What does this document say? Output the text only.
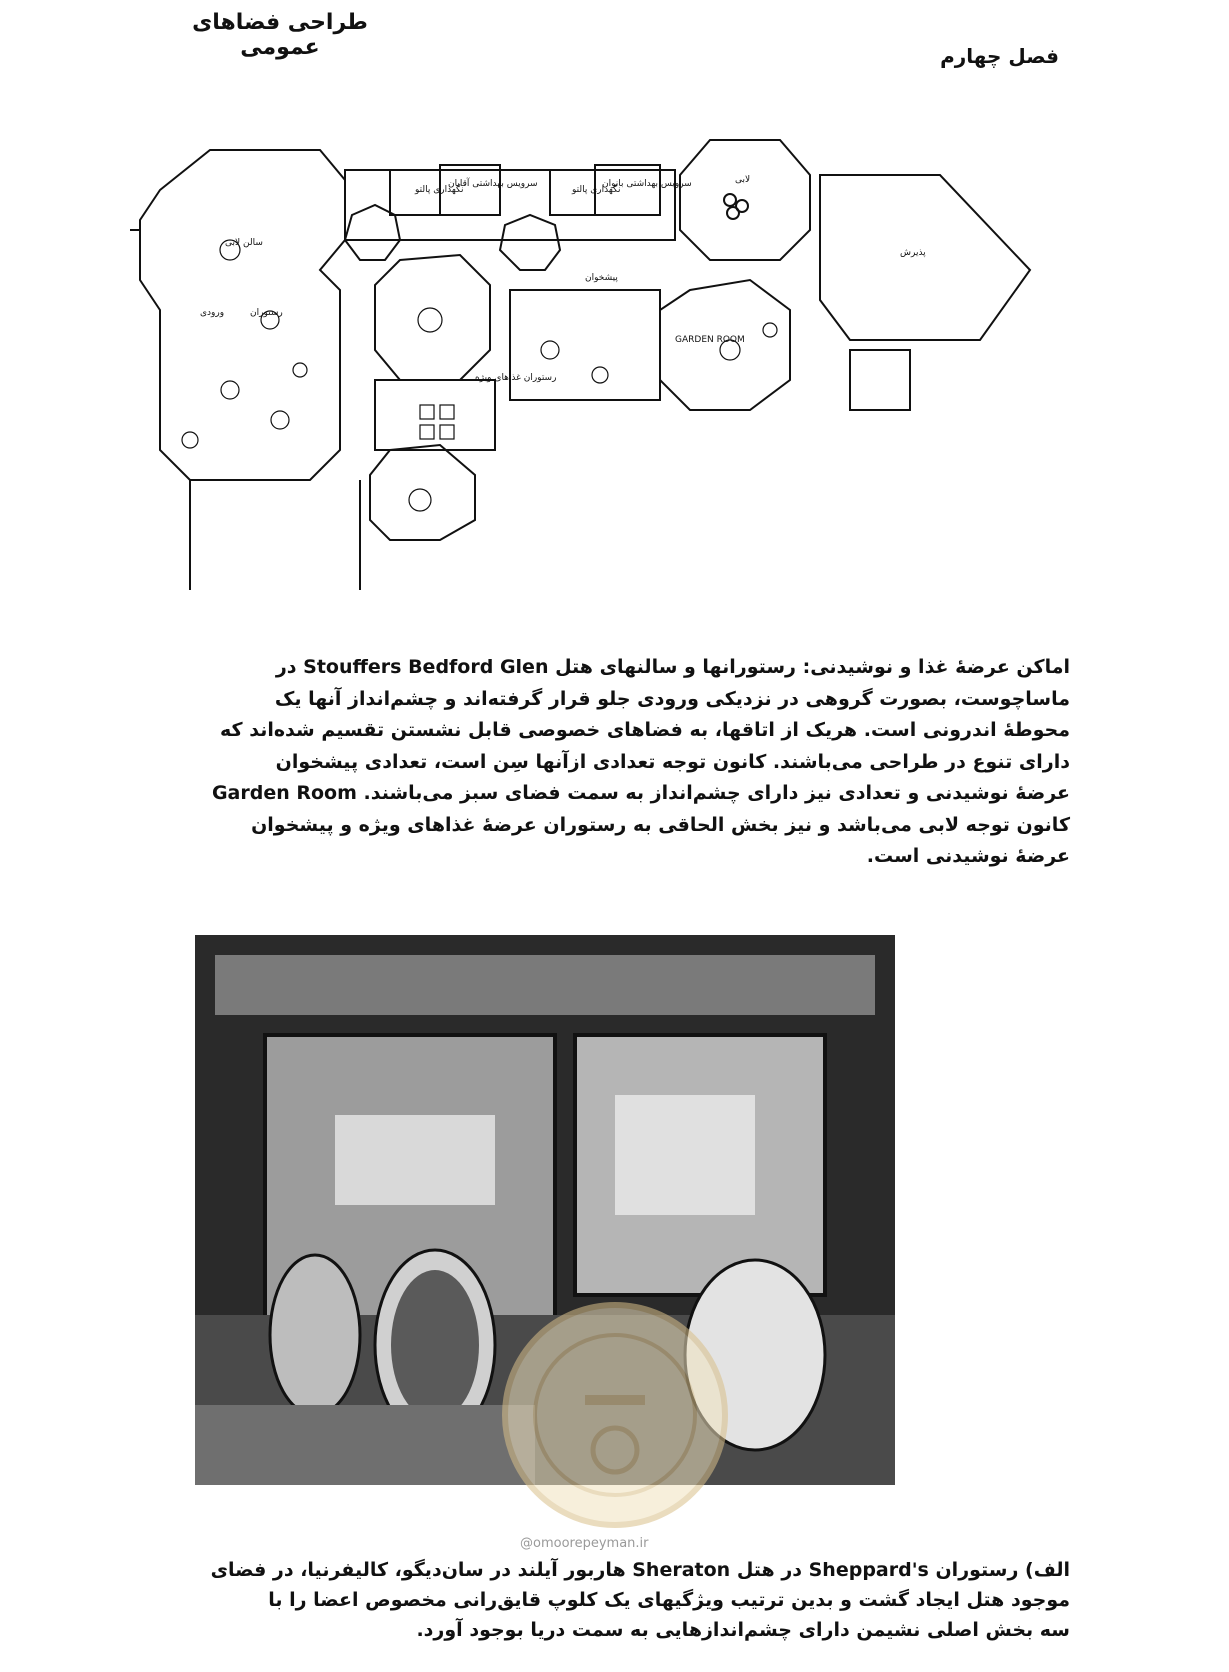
طراحی فضاهای عمومی	فصل چهارم
نگهداری پالتو
سرویس بهداشتی آقایان
نگهداری پالتو
سرویس بهداشتی بانوان	لابی
پذیرش
سالن لابی
رستوران
رستوران غذاهای ویژه
GARDEN ROOM
پیشخوان
ورودی
اماکن عرضهٔ غذا و نوشیدنی: رستورانها و سالنهای هتل Stouffers Bedford Glen در
ماساچوست، بصورت گروهی در نزدیکی ورودی جلو قرار گرفته‌اند و چشم‌انداز آنها یک
محوطهٔ اندرونی است. هریک از اتاقها، به فضاهای خصوصی قابل نشستن تقسیم شده‌اند که
دارای تنوع در طراحی می‌باشند. کانون توجه تعدادی ازآنها سِن است، تعدادی پیشخوان
عرضهٔ نوشیدنی و تعدادی نیز دارای چشم‌انداز به سمت فضای سبز می‌باشند. Garden Room
کانون توجه لابی می‌باشد و نیز بخش الحاقی به رستوران عرضهٔ غذاهای ویژه و پیشخوان
عرضهٔ نوشیدنی است.
@omoorepeyman.ir
الف) رستوران Sheppard's در هتل Sheraton هاربور آیلند در سان‌دیگو، کالیفرنیا، در فضای
موجود هتل ایجاد گشت و بدین ترتیب ویژگیهای یک کلوپ قایق‌رانی مخصوص اعضا را با
سه بخش اصلی نشیمن دارای چشم‌اندازهایی به سمت دریا بوجود آورد.
